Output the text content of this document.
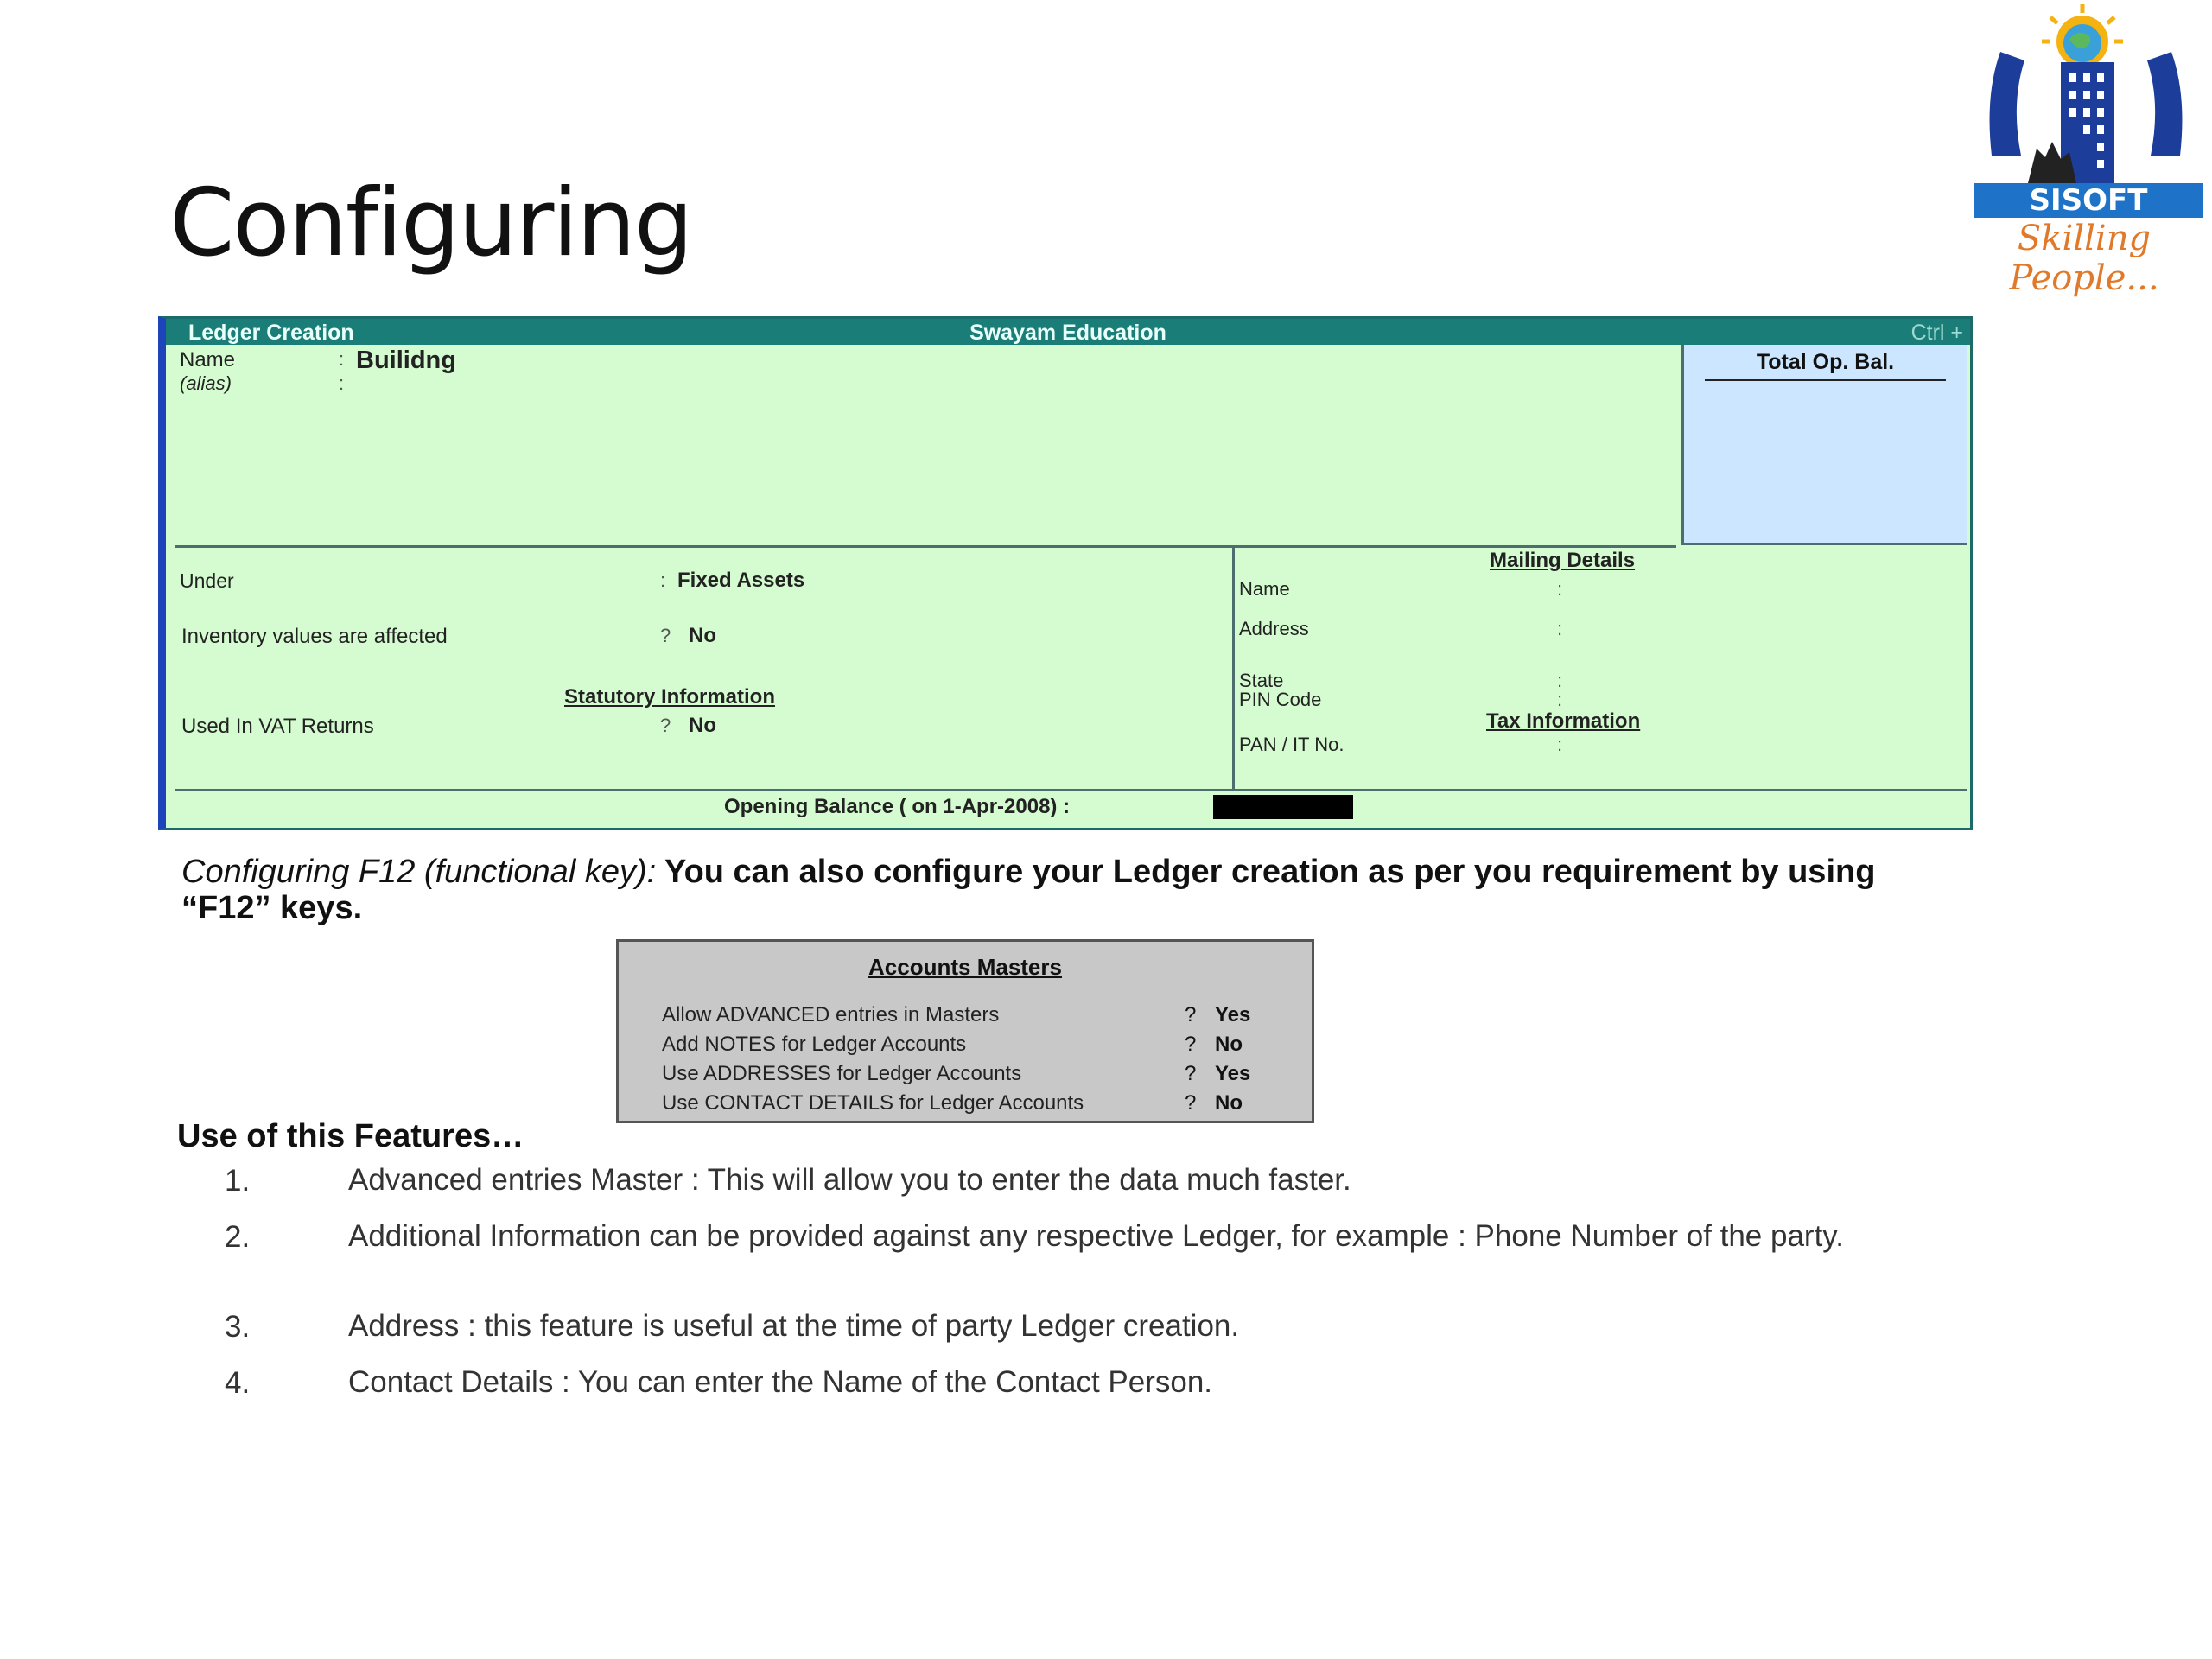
Configuring	SISOFT
Skilling People...
Ledger Creation	Swayam Education	Ctrl +
Name	: Builidng
(alias)	:
Total Op. Bal.
Under	: Fixed Assets
Inventory values are affected	? No
Statutory Information
Used In VAT Returns	? No
Mailing Details
Name	:
Address	:
State	:
PIN Code	:
Tax Information
PAN / IT No.	:
Opening Balance ( on 1-Apr-2008) :
Configuring F12 (functional key): You can also configure your Ledger creation as per you requirement by using “F12” keys.
Accounts Masters
Allow ADVANCED entries in Masters	? Yes
Add NOTES for Ledger Accounts	? No
Use ADDRESSES for Ledger Accounts	? Yes
Use CONTACT DETAILS for Ledger Accounts	? No
Use of this Features…
1.	Advanced entries Master : This will allow you to enter the data much faster.
2.	Additional Information can be provided against any respective Ledger, for example : Phone Number of the party.
3.	Address : this feature is useful at the time of party Ledger creation.
4.	Contact Details : You can enter the Name of the Contact Person.
